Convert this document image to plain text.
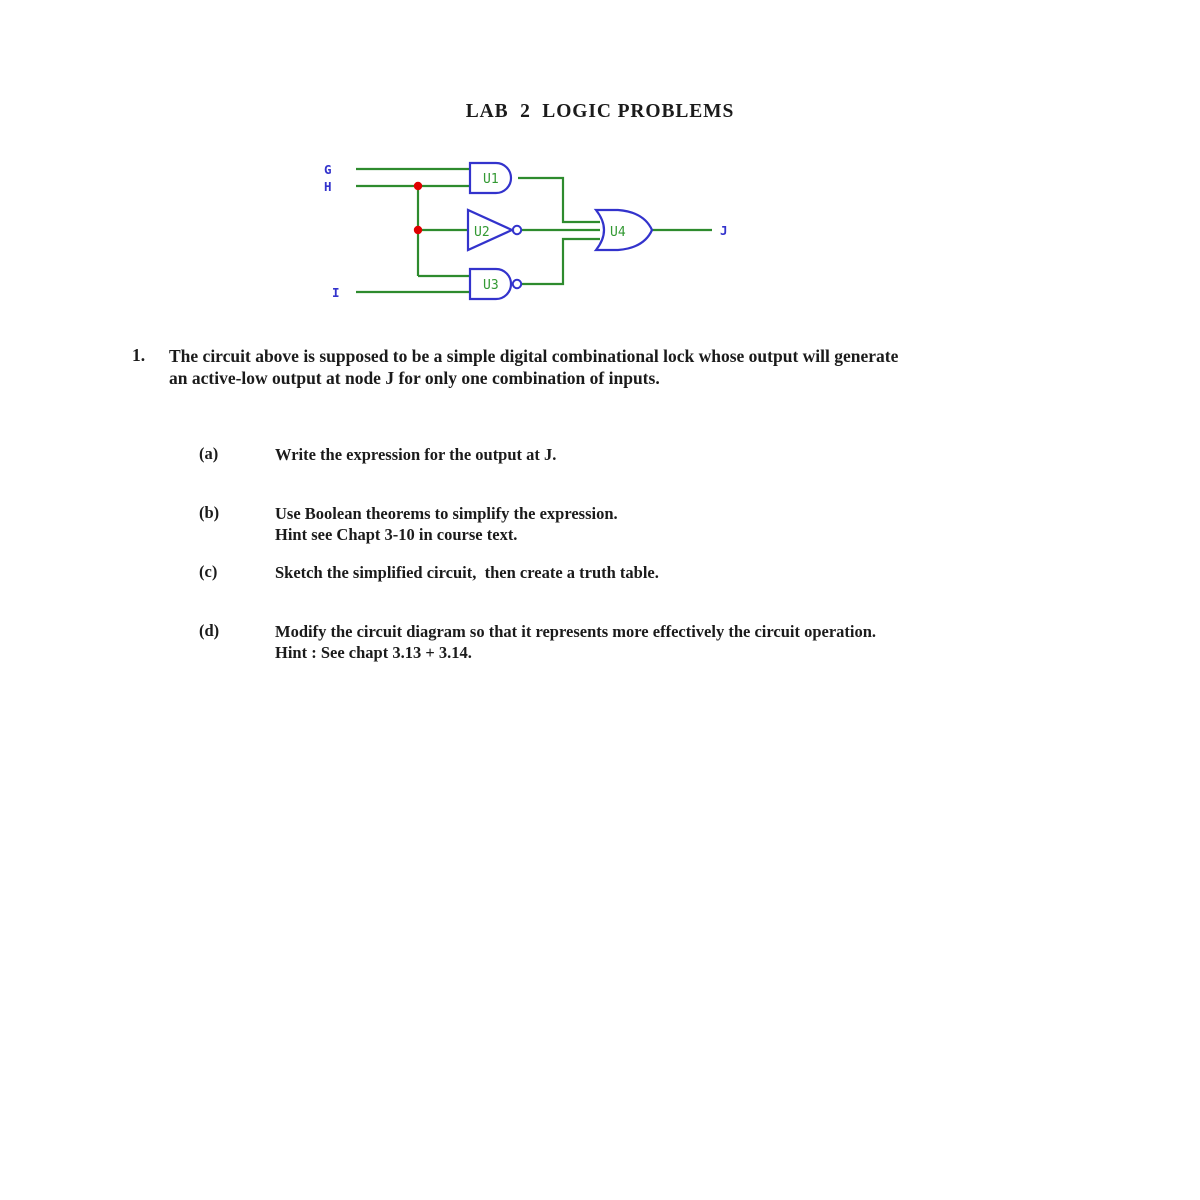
LAB  2  LOGIC PROBLEMS
U1
U2
U3
U4
G
H
I
J
1.	The circuit above is supposed to be a simple digital combinational lock whose output will generate
an active-low output at node J for only one combination of inputs.
(a)	Write the expression for the output at J.
(b)	Use Boolean theorems to simplify the expression.
Hint see Chapt 3-10 in course text.
(c)	Sketch the simplified circuit,  then create a truth table.
(d)	Modify the circuit diagram so that it represents more effectively the circuit operation.
Hint : See chapt 3.13 + 3.14.
